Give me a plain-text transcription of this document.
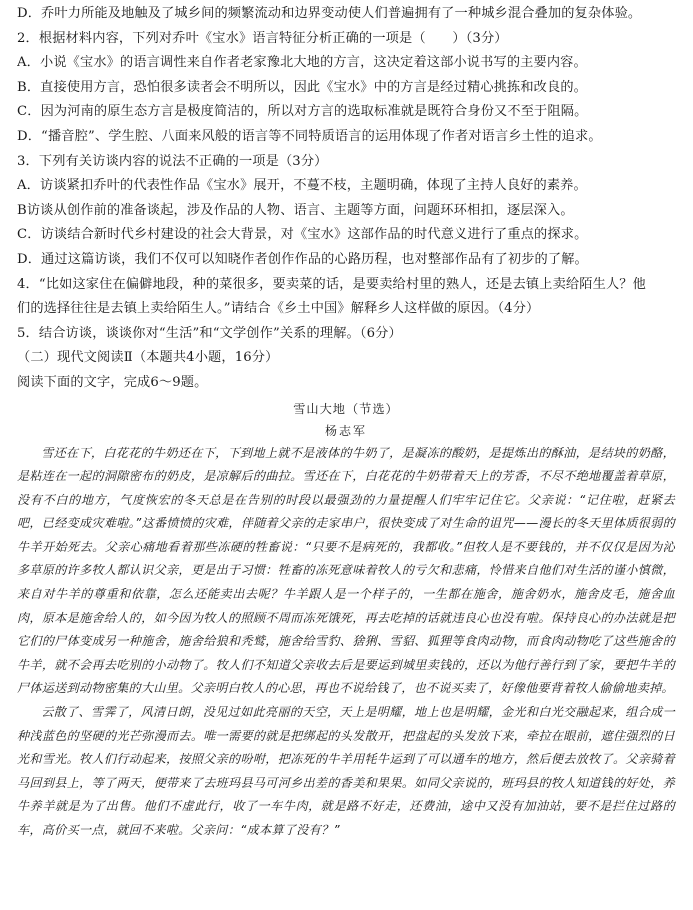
D．乔叶力所能及地触及了城乡间的频繁流动和边界变动使人们普遍拥有了一种城乡混合叠加的复杂体验。
2．根据材料内容，下列对乔叶《宝水》语言特征分析正确的一项是（　　）（3分）
A．小说《宝水》的语言调性来自作者老家豫北大地的方言，这决定着这部小说书写的主要内容。
B．直接使用方言，恐怕很多读者会不明所以，因此《宝水》中的方言是经过精心挑拣和改良的。
C．因为河南的原生态方言是极度简洁的，所以对方言的选取标准就是既符合身份又不至于阻隔。
D．“播音腔”、学生腔、八面来风般的语言等不同特质语言的运用体现了作者对语言乡土性的追求。
3．下列有关访谈内容的说法不正确的一项是（3分）
A．访谈紧扣乔叶的代表性作品《宝水》展开，不蔓不枝，主题明确，体现了主持人良好的素养。
B访谈从创作前的准备谈起，涉及作品的人物、语言、主题等方面，问题环环相扣，逐层深入。
C．访谈结合新时代乡村建设的社会大背景，对《宝水》这部作品的时代意义进行了重点的探求。
D．通过这篇访谈，我们不仅可以知晓作者创作作品的心路历程，也对整部作品有了初步的了解。
4．“比如这家住在偏僻地段，种的菜很多，要卖菜的话，是要卖给村里的熟人，还是去镇上卖给陌生人？他
们的选择往往是去镇上卖给陌生人。”请结合《乡土中国》解释乡人这样做的原因。（4分）
5．结合访谈，谈谈你对“生活”和“文学创作”关系的理解。（6分）
（二）现代文阅读Ⅱ（本题共4小题，16分）
阅读下面的文字，完成6～9题。
雪山大地（节选）
杨志军

雪还在下，白花花的牛奶还在下，下到地上就不是液体的牛奶了，是凝冻的酸奶，是提炼出的酥油，是结块的奶酪，是粘连在一起的洞隙密布的奶皮，是凉解后的曲拉。雪还在下，白花花的牛奶带着天上的芳香，不尽不绝地覆盖着草原，没有不白的地方，气度恢宏的冬天总是在告别的时段以最强劲的力量提醒人们牢牢记住它。父亲说：“记住啦，赶紧去吧，已经变成灾难啦。”这番愤愤的灾难，伴随着父亲的走家串户，很快变成了对生命的诅咒——漫长的冬天里体质很弱的牛羊开始死去。父亲心痛地看着那些冻硬的牲畜说：“只要不是病死的，我都收。”但牧人是不要钱的，并不仅仅是因为沁多草原的许多牧人都认识父亲，更是出于习惯：牲畜的冻死意味着牧人的亏欠和悲痛，怜惜来自他们对生活的谨小慎微，来自对牛羊的尊重和依靠，怎么还能卖出去呢？牛羊跟人是一个样子的，一生都在施舍，施舍奶水，施舍皮毛，施舍血肉，原本是施舍给人的，如今因为牧人的照顾不周而冻死饿死，再去吃掉的话就违良心也没有啦。保持良心的办法就是把它们的尸体变成另一种施舍，施舍给狼和秃鹫，施舍给雪豹、猞猁、雪貂、狐狸等食肉动物，而食肉动物吃了这些施舍的牛羊，就不会再去吃别的小动物了。牧人们不知道父亲收去后是要运到城里卖钱的，还以为他行善行到了家，要把牛羊的尸体运送到动物密集的大山里。父亲明白牧人的心思，再也不说给钱了，也不说买卖了，好像他要背着牧人偷偷地卖掉。

云散了、雪霁了，风清日朗，没见过如此亮丽的天空，天上是明耀，地上也是明耀，金光和白光交融起来，组合成一种浅蓝色的坚硬的光芒弥漫而去。唯一需要的就是把绑起的头发散开，把盘起的头发放下来，牵拉在眼前，遮住强烈的日光和雪光。牧人们行动起来，按照父亲的吩咐，把冻死的牛羊用牦牛运到了可以通车的地方，然后便去放牧了。父亲骑着马回到县上，等了两天，便带来了去班玛县马可河乡出差的香美和果果。如同父亲说的，班玛县的牧人知道钱的好处，养牛养羊就是为了出售。他们不虚此行，收了一车牛肉，就是路不好走，还费油，途中又没有加油站，要不是拦住过路的车，高价买一点，就回不来啦。父亲问：“成本算了没有？”
